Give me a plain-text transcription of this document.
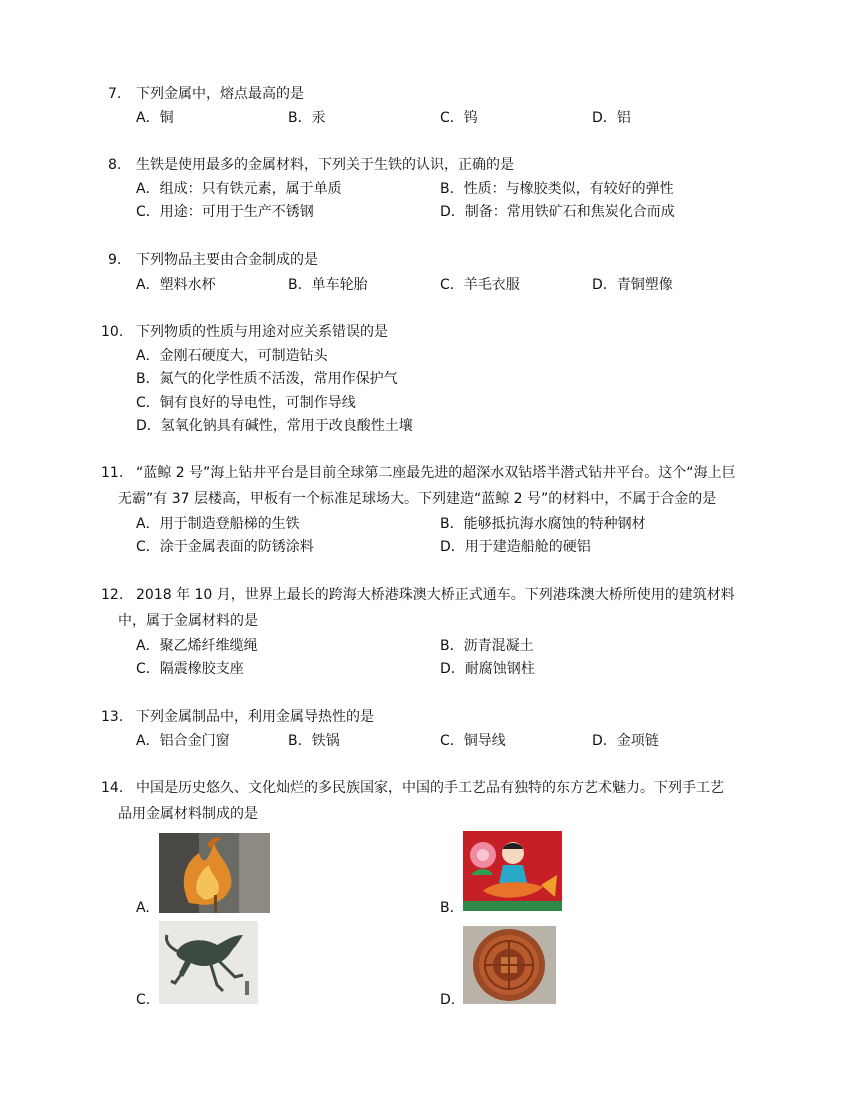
7. 下列金属中，熔点最高的是
A．铜	B．汞	C．钨	D．铝
8. 生铁是使用最多的金属材料，下列关于生铁的认识，正确的是
A．组成：只有铁元素，属于单质	B．性质：与橡胶类似，有较好的弹性
C．用途：可用于生产不锈钢	D．制备：常用铁矿石和焦炭化合而成
9. 下列物品主要由合金制成的是
A．塑料水杯	B．单车轮胎	C．羊毛衣服	D．青铜塑像
10. 下列物质的性质与用途对应关系错误的是
A．金刚石硬度大，可制造钻头
B．氮气的化学性质不活泼，常用作保护气
C．铜有良好的导电性，可制作导线
D．氢氧化钠具有碱性，常用于改良酸性土壤
11. “蓝鲸 2 号”海上钻井平台是目前全球第二座最先进的超深水双钻塔半潜式钻井平台。这个“海上巨
无霸”有 37 层楼高，甲板有一个标准足球场大。下列建造“蓝鲸 2 号”的材料中，不属于合金的是
A．用于制造登船梯的生铁	B．能够抵抗海水腐蚀的特种钢材
C．涂于金属表面的防锈涂料	D．用于建造船舱的硬铝
12. 2018 年 10 月，世界上最长的跨海大桥港珠澳大桥正式通车。下列港珠澳大桥所使用的建筑材料
中，属于金属材料的是
A．聚乙烯纤维缆绳	B．沥青混凝土
C．隔震橡胶支座	D．耐腐蚀钢柱
13. 下列金属制品中，利用金属导热性的是
A．铝合金门窗	B．铁锅	C．铜导线	D．金项链
14. 中国是历史悠久、文化灿烂的多民族国家，中国的手工艺品有独特的东方艺术魅力。下列手工艺
品用金属材料制成的是
A.	B.
C.	D.
